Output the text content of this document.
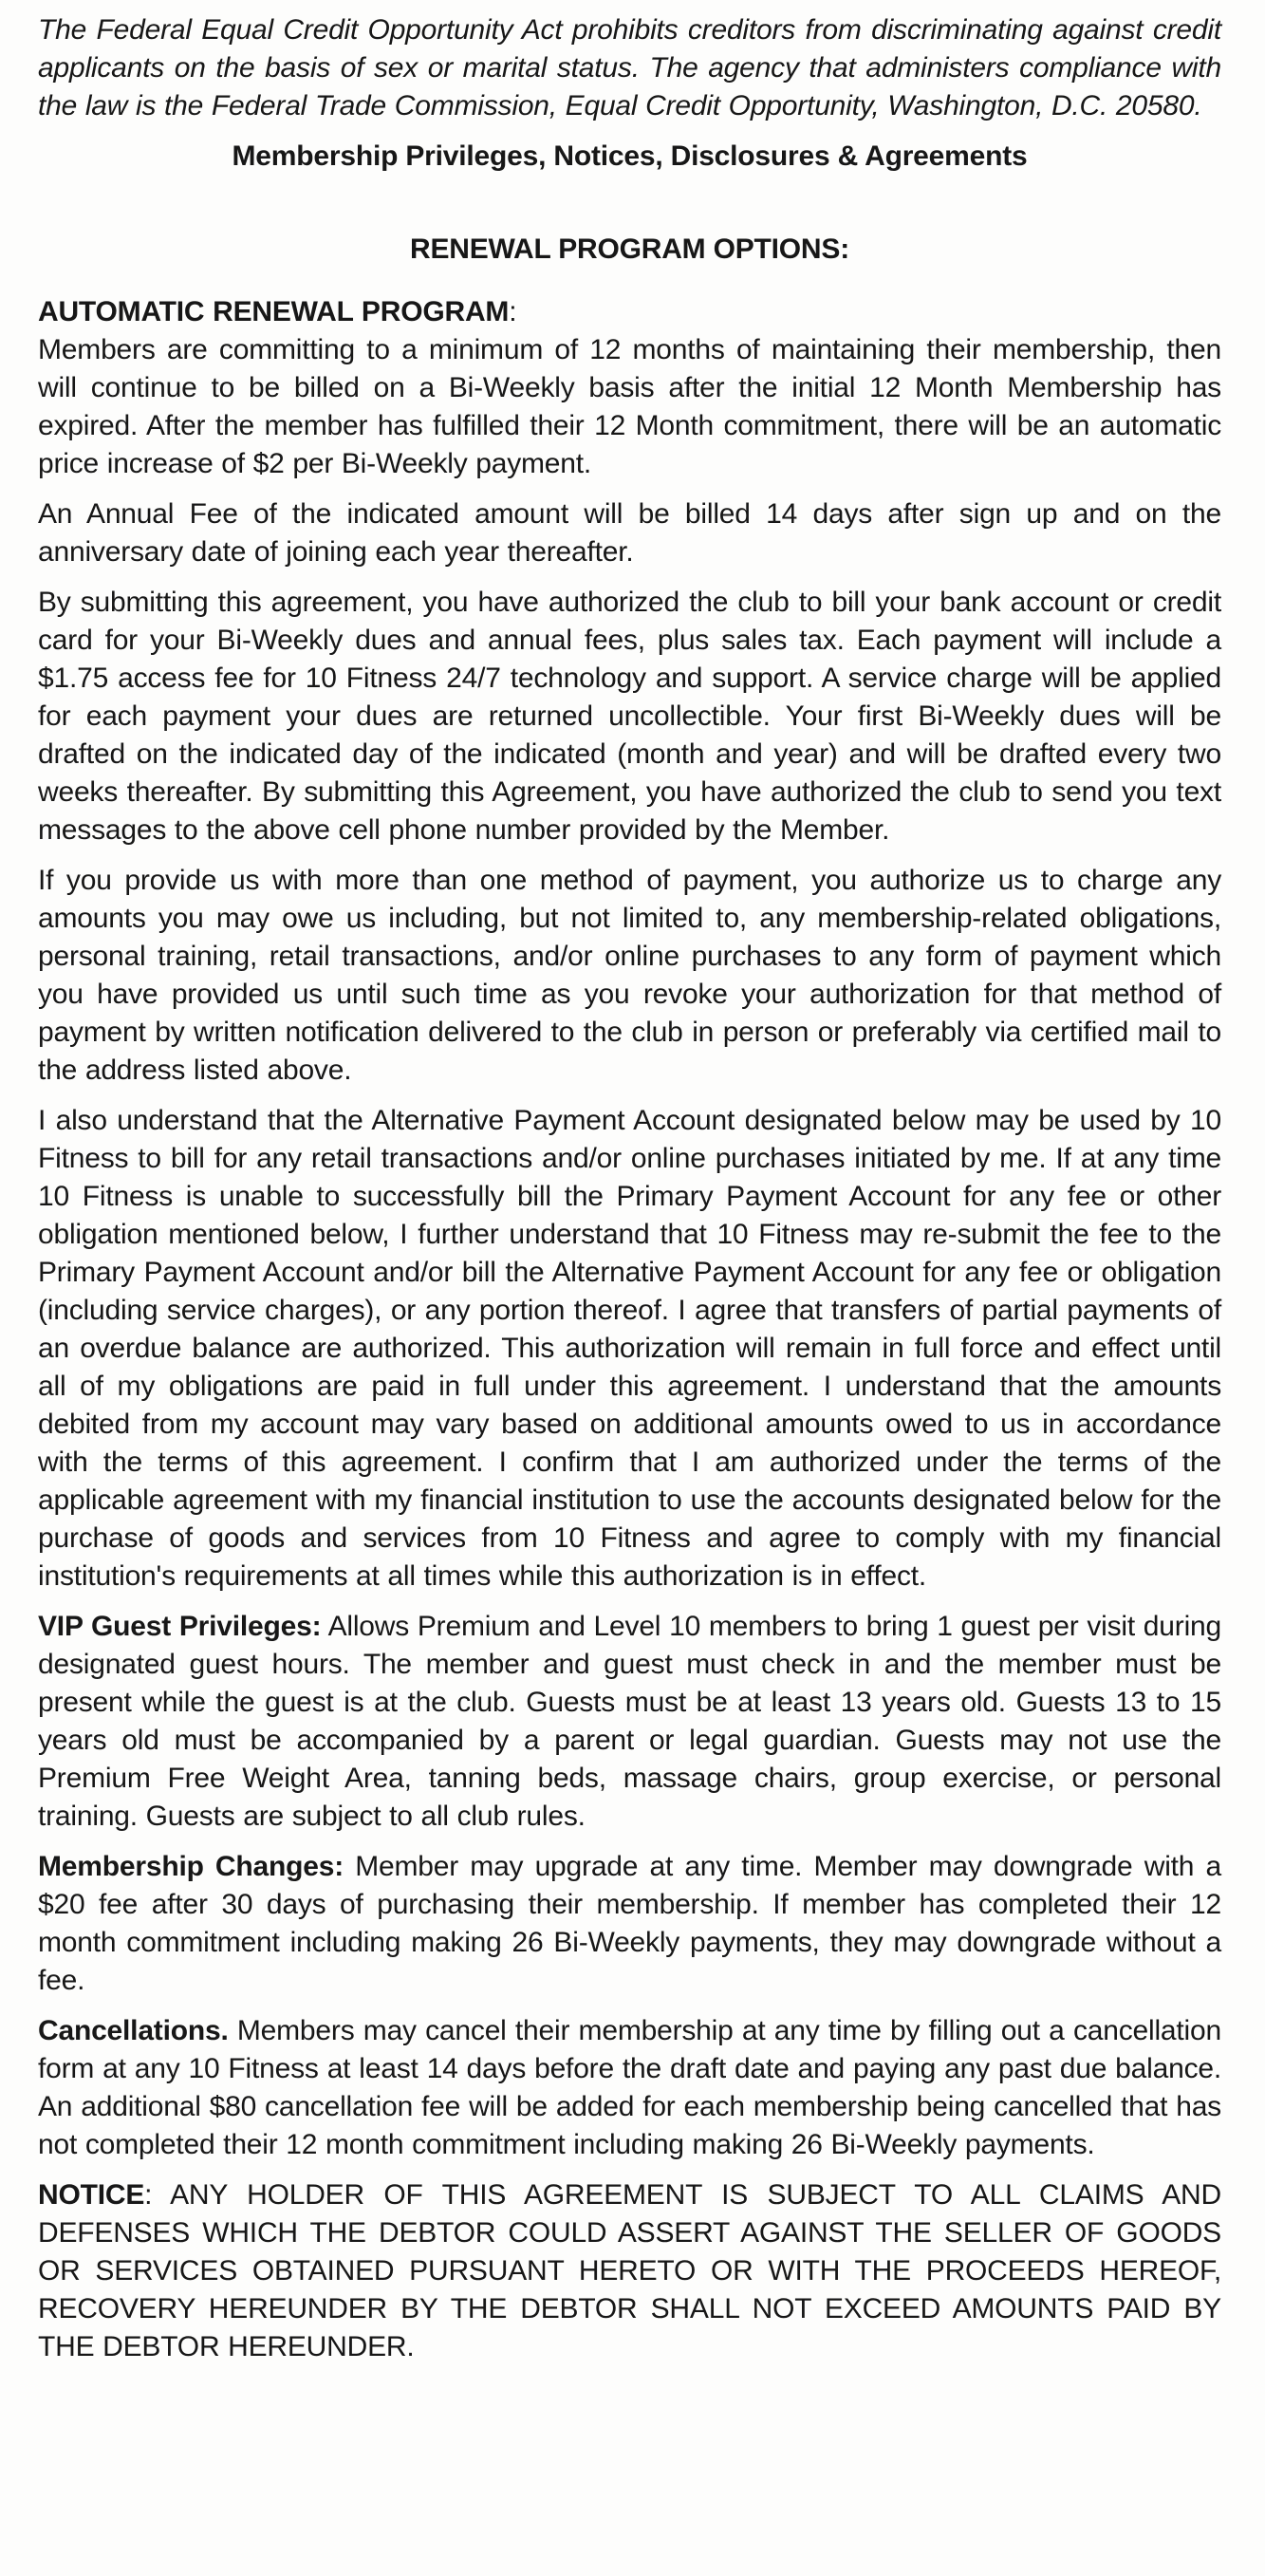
The Federal Equal Credit Opportunity Act prohibits creditors from discriminating against credit applicants on the basis of sex or marital status. The agency that administers compliance with the law is the Federal Trade Commission, Equal Credit Opportunity, Washington, D.C. 20580.

Membership Privileges, Notices, Disclosures & Agreements
RENEWAL PROGRAM OPTIONS:
AUTOMATIC RENEWAL PROGRAM:

Members are committing to a minimum of 12 months of maintaining their membership, then will continue to be billed on a Bi-Weekly basis after the initial 12 Month Membership has expired. After the member has fulfilled their 12 Month commitment, there will be an automatic price increase of $2 per Bi-Weekly payment.

An Annual Fee of the indicated amount will be billed 14 days after sign up and on the anniversary date of joining each year thereafter.

By submitting this agreement, you have authorized the club to bill your bank account or credit card for your Bi-Weekly dues and annual fees, plus sales tax. Each payment will include a $1.75 access fee for 10 Fitness 24/7 technology and support. A service charge will be applied for each payment your dues are returned uncollectible. Your first Bi-Weekly dues will be drafted on the indicated day of the indicated (month and year) and will be drafted every two weeks thereafter. By submitting this Agreement, you have authorized the club to send you text messages to the above cell phone number provided by the Member.

If you provide us with more than one method of payment, you authorize us to charge any amounts you may owe us including, but not limited to, any membership-related obligations, personal training, retail transactions, and/or online purchases to any form of payment which you have provided us until such time as you revoke your authorization for that method of payment by written notification delivered to the club in person or preferably via certified mail to the address listed above.

I also understand that the Alternative Payment Account designated below may be used by 10 Fitness to bill for any retail transactions and/or online purchases initiated by me. If at any time 10 Fitness is unable to successfully bill the Primary Payment Account for any fee or other obligation mentioned below, I further understand that 10 Fitness may re-submit the fee to the Primary Payment Account and/or bill the Alternative Payment Account for any fee or obligation (including service charges), or any portion thereof. I agree that transfers of partial payments of an overdue balance are authorized. This authorization will remain in full force and effect until all of my obligations are paid in full under this agreement. I understand that the amounts debited from my account may vary based on additional amounts owed to us in accordance with the terms of this agreement. I confirm that I am authorized under the terms of the applicable agreement with my financial institution to use the accounts designated below for the purchase of goods and services from 10 Fitness and agree to comply with my financial institution's requirements at all times while this authorization is in effect.

VIP Guest Privileges: Allows Premium and Level 10 members to bring 1 guest per visit during designated guest hours. The member and guest must check in and the member must be present while the guest is at the club. Guests must be at least 13 years old. Guests 13 to 15 years old must be accompanied by a parent or legal guardian. Guests may not use the Premium Free Weight Area, tanning beds, massage chairs, group exercise, or personal training. Guests are subject to all club rules.

Membership Changes: Member may upgrade at any time. Member may downgrade with a $20 fee after 30 days of purchasing their membership. If member has completed their 12 month commitment including making 26 Bi-Weekly payments, they may downgrade without a fee.

Cancellations. Members may cancel their membership at any time by filling out a cancellation form at any 10 Fitness at least 14 days before the draft date and paying any past due balance. An additional $80 cancellation fee will be added for each membership being cancelled that has not completed their 12 month commitment including making 26 Bi-Weekly payments.

NOTICE: ANY HOLDER OF THIS AGREEMENT IS SUBJECT TO ALL CLAIMS AND DEFENSES WHICH THE DEBTOR COULD ASSERT AGAINST THE SELLER OF GOODS OR SERVICES OBTAINED PURSUANT HERETO OR WITH THE PROCEEDS HEREOF, RECOVERY HEREUNDER BY THE DEBTOR SHALL NOT EXCEED AMOUNTS PAID BY THE DEBTOR HEREUNDER.
